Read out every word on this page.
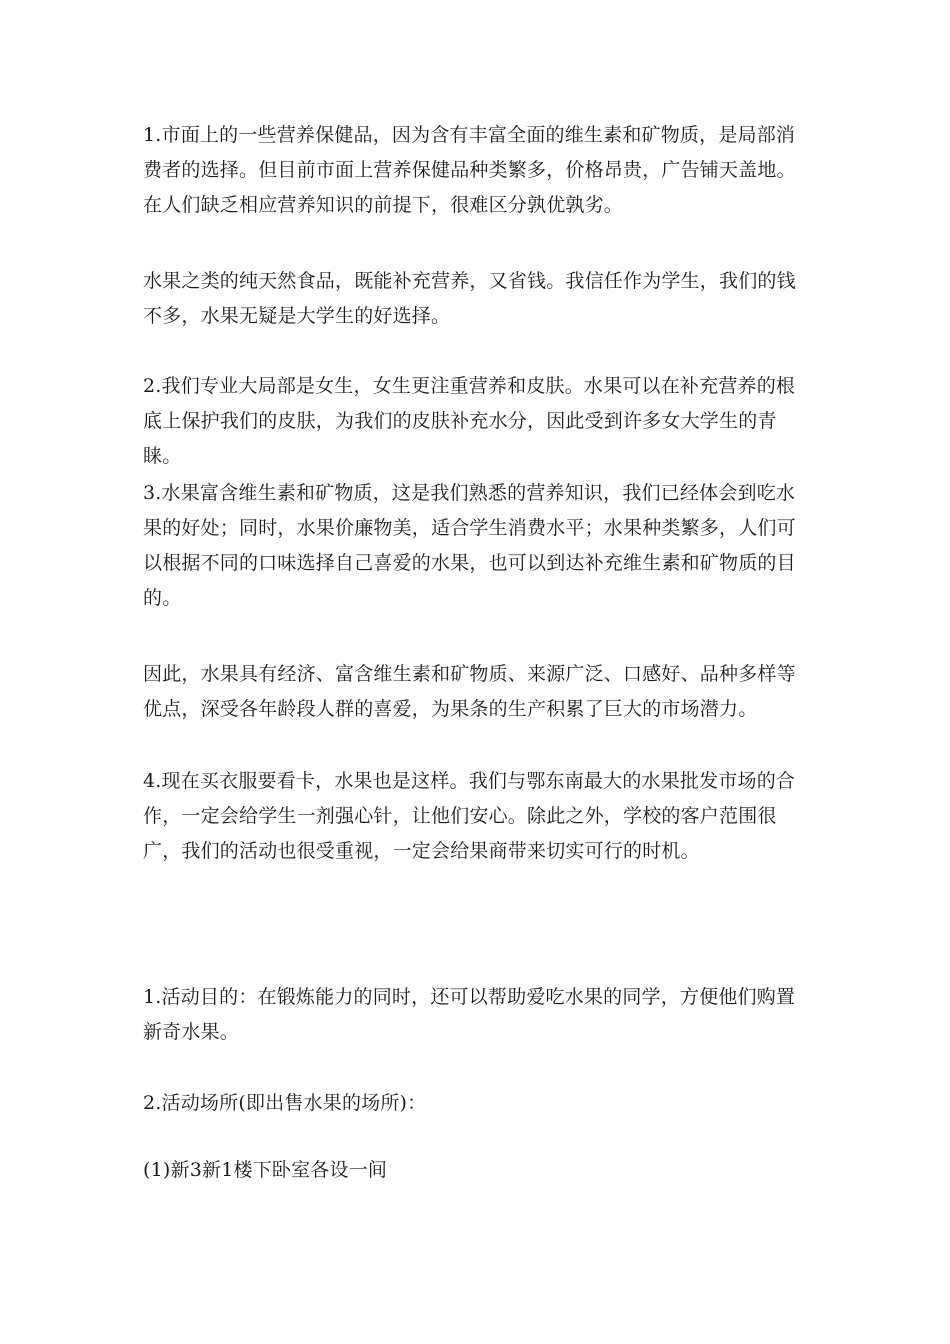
1.市面上的一些营养保健品，因为含有丰富全面的维生素和矿物质，是局部消费者的选择。但目前市面上营养保健品种类繁多，价格昂贵，广告铺天盖地。在人们缺乏相应营养知识的前提下，很难区分孰优孰劣。

水果之类的纯天然食品，既能补充营养，又省钱。我信任作为学生，我们的钱不多，水果无疑是大学生的好选择。

2.我们专业大局部是女生，女生更注重营养和皮肤。水果可以在补充营养的根底上保护我们的皮肤，为我们的皮肤补充水分，因此受到许多女大学生的青睐。

3.水果富含维生素和矿物质，这是我们熟悉的营养知识，我们已经体会到吃水果的好处；同时，水果价廉物美，适合学生消费水平；水果种类繁多，人们可以根据不同的口味选择自己喜爱的水果，也可以到达补充维生素和矿物质的目的。

因此，水果具有经济、富含维生素和矿物质、来源广泛、口感好、品种多样等优点，深受各年龄段人群的喜爱，为果条的生产积累了巨大的市场潜力。

4.现在买衣服要看卡，水果也是这样。我们与鄂东南最大的水果批发市场的合作，一定会给学生一剂强心针，让他们安心。除此之外，学校的客户范围很广，我们的活动也很受重视，一定会给果商带来切实可行的时机。

1.活动目的：在锻炼能力的同时，还可以帮助爱吃水果的同学，方便他们购置新奇水果。

2.活动场所(即出售水果的场所)：

(1)新3新1楼下卧室各设一间
